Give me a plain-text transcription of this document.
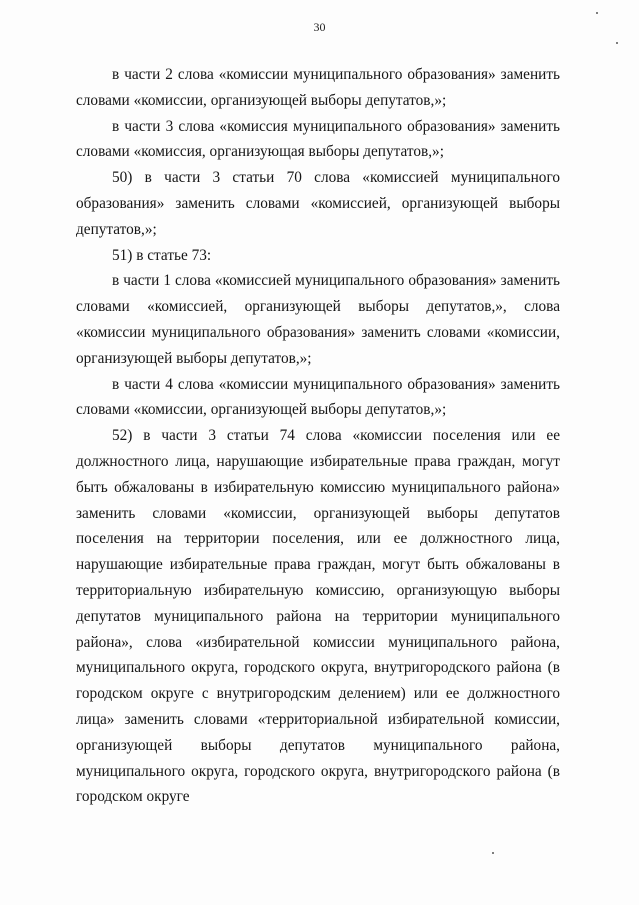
30

в части 2 слова «комиссии муниципального образования» заменить словами «комиссии, организующей выборы депутатов,»;

в части 3 слова «комиссия муниципального образования» заменить словами «комиссия, организующая выборы депутатов,»;

50) в части 3 статьи 70 слова «комиссией муниципального образования» заменить словами «комиссией, организующей выборы депутатов,»;

51) в статье 73:

в части 1 слова «комиссией муниципального образования» заменить словами «комиссией, организующей выборы депутатов,», слова «комиссии муниципального образования» заменить словами «комиссии, организующей выборы депутатов,»;

в части 4 слова «комиссии муниципального образования» заменить словами «комиссии, организующей выборы депутатов,»;

52) в части 3 статьи 74 слова «комиссии поселения или ее должностного лица, нарушающие избирательные права граждан, могут быть обжалованы в избирательную комиссию муниципального района» заменить словами «комиссии, организующей выборы депутатов поселения на территории поселения, или ее должностного лица, нарушающие избирательные права граждан, могут быть обжалованы в территориальную избирательную комиссию, организующую выборы депутатов муниципального района на территории муниципального района», слова «избирательной комиссии муниципального района, муниципального округа, городского округа, внутригородского района (в городском округе с внутригородским делением) или ее должностного лица» заменить словами «территориальной избирательной комиссии, организующей выборы депутатов муниципального района, муниципального округа, городского округа, внутригородского района (в городском округе
